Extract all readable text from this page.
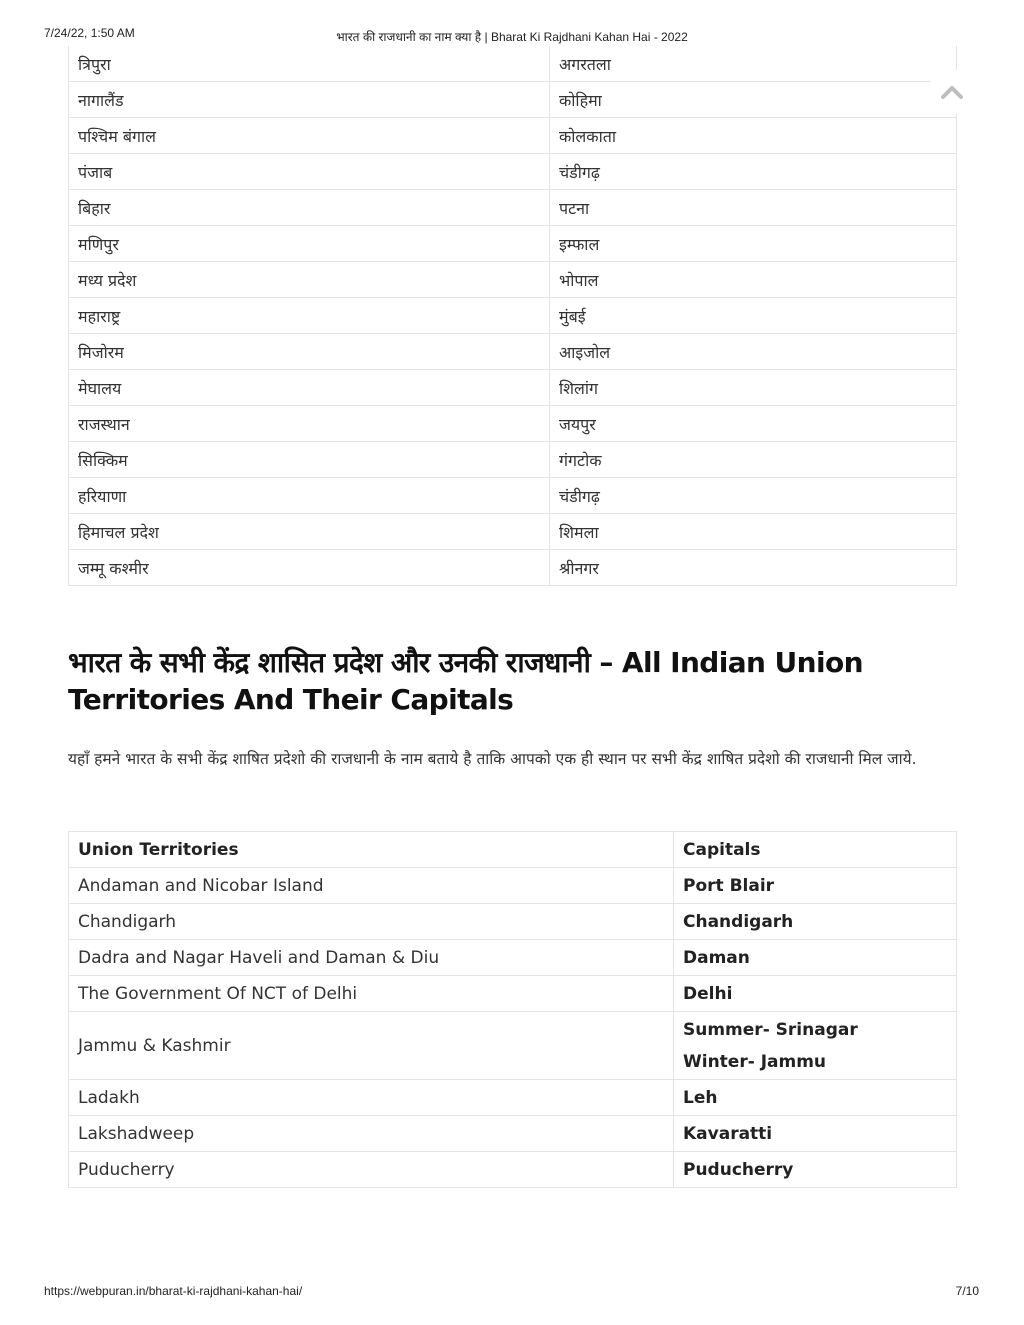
7/24/22, 1:50 AM	भारत की राजधानी का नाम क्या है | Bharat Ki Rajdhani Kahan Hai - 2022
त्रिपुरा	अगरतला
नागालैंड	कोहिमा
पश्चिम बंगाल	कोलकाता
पंजाब	चंडीगढ़
बिहार	पटना
मणिपुर	इम्फाल
मध्य प्रदेश	भोपाल
महाराष्ट्र	मुंबई
मिजोरम	आइजोल
मेघालय	शिलांग
राजस्थान	जयपुर
सिक्किम	गंगटोक
हरियाणा	चंडीगढ़
हिमाचल प्रदेश	शिमला
जम्मू कश्मीर	श्रीनगर
भारत के सभी केंद्र शासित प्रदेश और उनकी राजधानी – All Indian Union Territories And Their Capitals

यहाँ हमने भारत के सभी केंद्र शाषित प्रदेशो की राजधानी के नाम बताये है ताकि आपको एक ही स्थान पर सभी केंद्र शाषित प्रदेशो की राजधानी मिल जाये.

Union Territories	Capitals
Andaman and Nicobar Island	Port Blair
Chandigarh	Chandigarh
Dadra and Nagar Haveli and Daman & Diu	Daman
The Government Of NCT of Delhi	Delhi
Jammu & Kashmir	Summer- Srinagar
Winter- Jammu

Ladakh	Leh
Lakshadweep	Kavaratti
Puducherry	Puducherry
https://webpuran.in/bharat-ki-rajdhani-kahan-hai/	7/10
